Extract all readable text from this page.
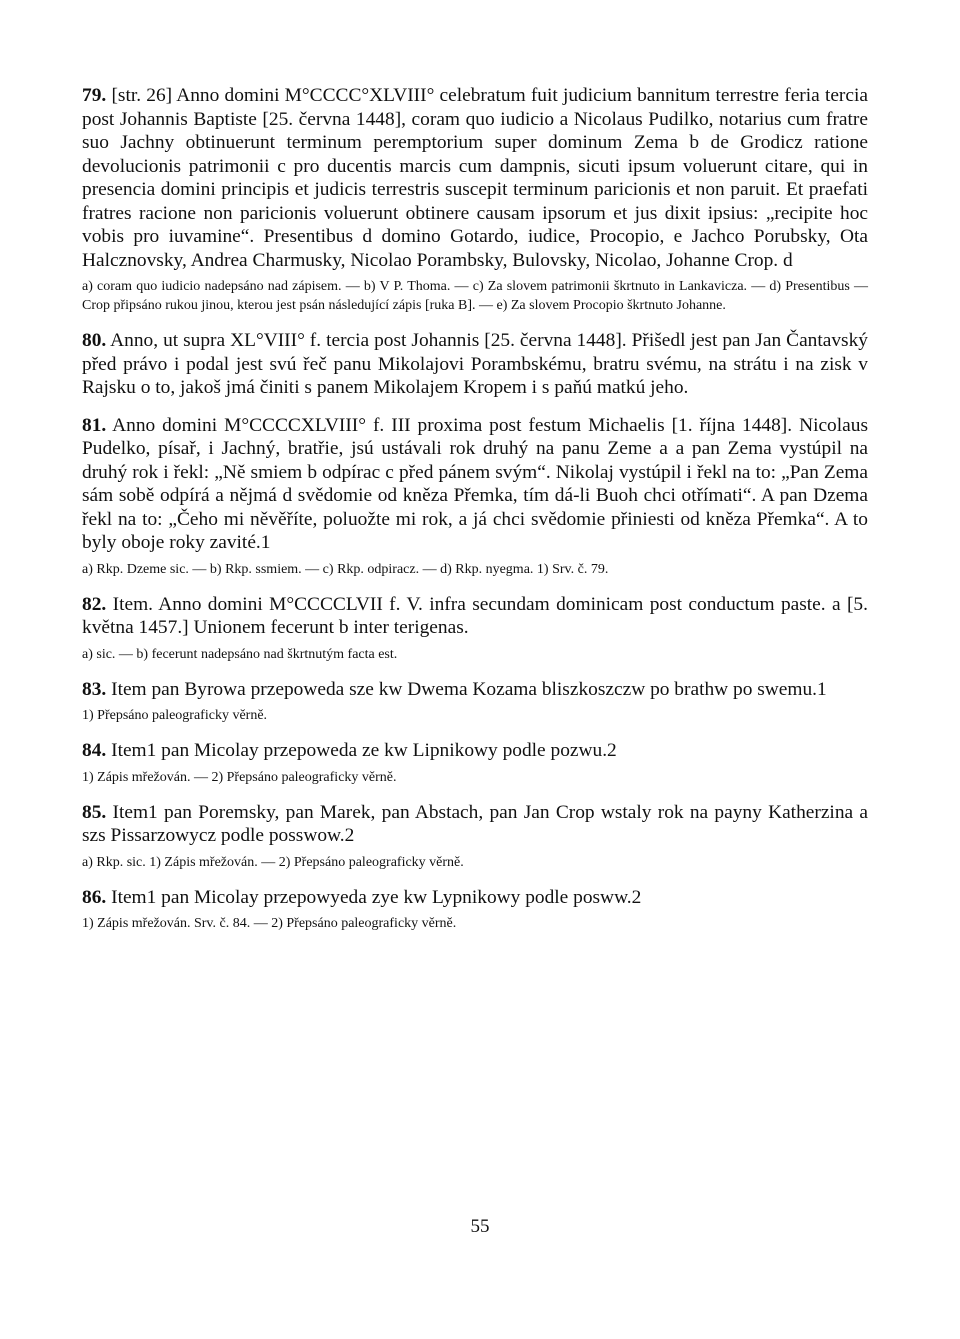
79. [str. 26] Anno domini M°CCCC°XLVIII° celebratum fuit judicium bannitum terrestre feria tercia post Johannis Baptiste [25. června 1448], coram quo iudicio a Nicolaus Pudilko, notarius cum fratre suo Jachny obtinuerunt terminum peremptorium super dominum Zema b de Grodicz ratione devolucionis patrimonii c pro ducentis marcis cum dampnis, sicuti ipsum voluerunt citare, qui in presencia domini principis et judicis terrestris suscepit terminum paricionis et non paruit. Et praefati fratres racione non paricionis voluerunt obtinere causam ipsorum et jus dixit ipsius: „recipite hoc vobis pro iuvamine“. Presentibus d domino Gotardo, iudice, Procopio, e Jachco Porubsky, Ota Halcznovsky, Andrea Charmusky, Nicolao Porambsky, Bulovsky, Nicolao, Johanne Crop. d

a) coram quo iudicio nadepsáno nad zápisem. — b) V P. Thoma. — c) Za slovem patrimonii škrtnuto in Lankavicza. — d) Presentibus — Crop připsáno rukou jinou, kterou jest psán následující zápis [ruka B]. — e) Za slovem Procopio škrtnuto Johanne.

80. Anno, ut supra XL°VIII° f. tercia post Johannis [25. června 1448]. Přišedl jest pan Jan Čantavský před právo i podal jest svú řeč panu Mikolajovi Porambskému, bratru svému, na strátu i na zisk v Rajsku o to, jakoš jmá činiti s panem Mikolajem Kropem i s paňú matkú jeho.

81. Anno domini M°CCCCXLVIII° f. III proxima post festum Michaelis [1. října 1448]. Nicolaus Pudelko, písař, i Jachný, bratřie, jsú ustávali rok druhý na panu Zeme a a pan Zema vystúpil na druhý rok i řekl: „Ně smiem b odpírac c před pánem svým“. Nikolaj vystúpil i řekl na to: „Pan Zema sám sobě odpírá a nějmá d svědomie od kněza Přemka, tím dá-li Buoh chci otřímati“. A pan Dzema řekl na to: „Čeho mi něvěříte, poluožte mi rok, a já chci svědomie přiniesti od kněza Přemka“. A to byly oboje roky zavité.1

a) Rkp. Dzeme sic. — b) Rkp. ssmiem. — c) Rkp. odpiracz. — d) Rkp. nyegma. 1) Srv. č. 79.

82. Item. Anno domini M°CCCCLVII f. V. infra secundam dominicam post conductum paste. a [5. května 1457.] Unionem fecerunt b inter terigenas.

a) sic. — b) fecerunt nadepsáno nad škrtnutým facta est.

83. Item pan Byrowa przepoweda sze kw Dwema Kozama bliszkoszczw po brathw po swemu.1

1) Přepsáno paleograficky věrně.

84. Item1 pan Micolay przepoweda ze kw Lipnikowy podle pozwu.2

1) Zápis mřežován. — 2) Přepsáno paleograficky věrně.

85. Item1 pan Poremsky, pan Marek, pan Abstach, pan Jan Crop wstaly rok na payny Katherzina a szs Pissarzowycz podle posswow.2

a) Rkp. sic. 1) Zápis mřežován. — 2) Přepsáno paleograficky věrně.

86. Item1 pan Micolay przepowyeda zye kw Lypnikowy podle posww.2

1) Zápis mřežován. Srv. č. 84. — 2) Přepsáno paleograficky věrně.

55
